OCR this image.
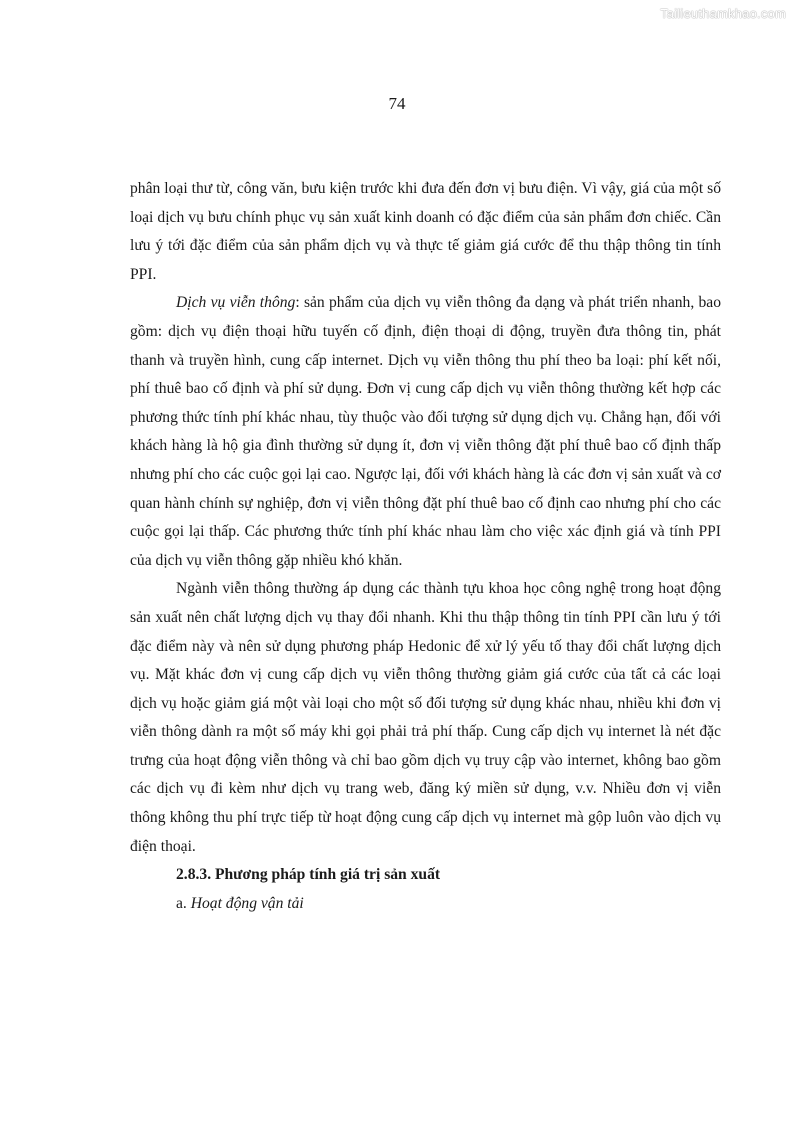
Tailieuthamkhao.com
74

phân loại thư từ, công văn, bưu kiện trước khi đưa đến đơn vị bưu điện. Vì vậy, giá của một số loại dịch vụ bưu chính phục vụ sản xuất kinh doanh có đặc điểm của sản phẩm đơn chiếc. Cần lưu ý tới đặc điểm của sản phẩm dịch vụ và thực tế giảm giá cước để thu thập thông tin tính PPI.

Dịch vụ viễn thông: sản phẩm của dịch vụ viễn thông đa dạng và phát triển nhanh, bao gồm: dịch vụ điện thoại hữu tuyến cố định, điện thoại di động, truyền đưa thông tin, phát thanh và truyền hình, cung cấp internet. Dịch vụ viễn thông thu phí theo ba loại: phí kết nối, phí thuê bao cố định và phí sử dụng. Đơn vị cung cấp dịch vụ viễn thông thường kết hợp các phương thức tính phí khác nhau, tùy thuộc vào đối tượng sử dụng dịch vụ. Chẳng hạn, đối với khách hàng là hộ gia đình thường sử dụng ít, đơn vị viễn thông đặt phí thuê bao cố định thấp nhưng phí cho các cuộc gọi lại cao. Ngược lại, đối với khách hàng là các đơn vị sản xuất và cơ quan hành chính sự nghiệp, đơn vị viễn thông đặt phí thuê bao cố định cao nhưng phí cho các cuộc gọi lại thấp. Các phương thức tính phí khác nhau làm cho việc xác định giá và tính PPI của dịch vụ viễn thông gặp nhiều khó khăn.

Ngành viễn thông thường áp dụng các thành tựu khoa học công nghệ trong hoạt động sản xuất nên chất lượng dịch vụ thay đổi nhanh. Khi thu thập thông tin tính PPI cần lưu ý tới đặc điểm này và nên sử dụng phương pháp Hedonic để xử lý yếu tố thay đổi chất lượng dịch vụ. Mặt khác đơn vị cung cấp dịch vụ viễn thông thường giảm giá cước của tất cả các loại dịch vụ hoặc giảm giá một vài loại cho một số đối tượng sử dụng khác nhau, nhiều khi đơn vị viễn thông dành ra một số máy khi gọi phải trả phí thấp. Cung cấp dịch vụ internet là nét đặc trưng của hoạt động viễn thông và chỉ bao gồm dịch vụ truy cập vào internet, không bao gồm các dịch vụ đi kèm như dịch vụ trang web, đăng ký miền sử dụng, v.v. Nhiều đơn vị viễn thông không thu phí trực tiếp từ hoạt động cung cấp dịch vụ internet mà gộp luôn vào dịch vụ điện thoại.

2.8.3. Phương pháp tính giá trị sản xuất

a. Hoạt động vận tải
